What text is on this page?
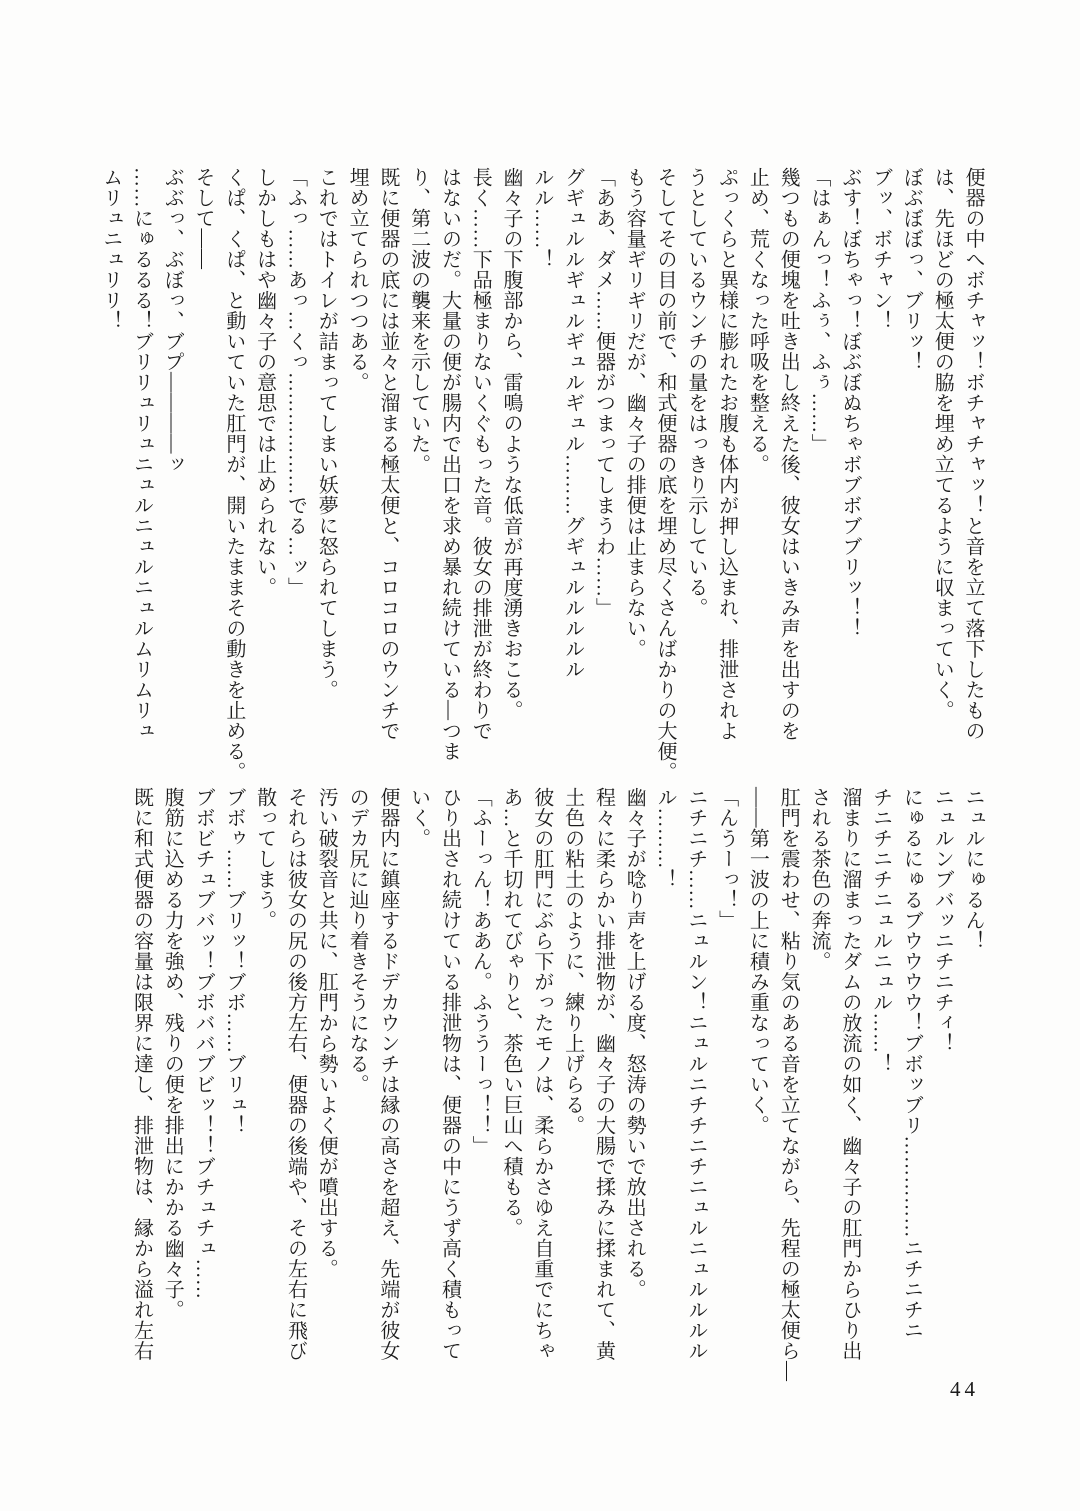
便器の中へボチャッ！ボチャチャッ！と音を立て落下したもの

は、先ほどの極太便の脇を埋め立てるように収まっていく。

ぼぶぼぼっ、ブリッ！

ブッ、ボチャン！

ぶす！ぼちゃっ！ぼぶぼぬちゃボブボブブリッ！！

「はぁんっ！ふぅ、ふぅ……」

幾つもの便塊を吐き出し終えた後、彼女はいきみ声を出すのを

止め、荒くなった呼吸を整える。

ぷっくらと異様に膨れたお腹も体内が押し込まれ、排泄されよ

うとしているウンチの量をはっきり示している。

そしてその目の前で、和式便器の底を埋め尽くさんばかりの大便。

もう容量ギリギリだが、幽々子の排便は止まらない。

「ああ、ダメ……便器がつまってしまうわ……」

グギュルルギュルギュルギュル………グギュルルルルル

ルル……！

幽々子の下腹部から、雷鳴のような低音が再度湧きおこる。

長く……下品極まりないくぐもった音。彼女の排泄が終わりで

はないのだ。大量の便が腸内で出口を求め暴れ続けている―つま

り、第二波の襲来を示していた。

既に便器の底には並々と溜まる極太便と、コロコロのウンチで

埋め立てられつつある。

これではトイレが詰まってしまい妖夢に怒られてしまう。

「ふっ……あっ…くっ………………でる…ッ」

しかしもはや幽々子の意思では止められない。

くぱ、くぱ、と動いていた肛門が、開いたままその動きを止める。

そして――

ぶぶっ、ぶぼっ、ブプ――――ッ

……にゅるるる！ブリリュリュニュルニュルニュルムリムリュ

ムリュニュリリ！

ニュルにゅるん！

ニュルンブバッニチニチィ！

にゅるにゅるブウウウウ！ブボッブリ……………ニチニチニ

チニチニチニュルニュル……！

溜まりに溜まったダムの放流の如く、幽々子の肛門からひり出

される茶色の奔流。

肛門を震わせ、粘り気のある音を立てながら、先程の極太便ら―

――第一波の上に積み重なっていく。

「んうーっ！」

ニチニチ……ニュルン！ニュルニチチニチニュルニュルルルル

ル………！

幽々子が唸り声を上げる度、怒涛の勢いで放出される。

程々に柔らかい排泄物が、幽々子の大腸で揉みに揉まれて、黄

土色の粘土のように、練り上げらる。

彼女の肛門にぶら下がったモノは、柔らかさゆえ自重でにちゃ

あ…と千切れてびゃりと、茶色い巨山へ積もる。

「ふーっん！ああん。ふううーっ！！」

ひり出され続けている排泄物は、便器の中にうず高く積もって

いく。

便器内に鎮座するドデカウンチは縁の高さを超え、先端が彼女

のデカ尻に辿り着きそうになる。

汚い破裂音と共に、肛門から勢いよく便が噴出する。

それらは彼女の尻の後方左右、便器の後端や、その左右に飛び

散ってしまう。

ブボゥ……ブリッ！ブボ……ブリュ！

ブボビチュブバッ！ブボババブビッ！！ブチュチュ……

腹筋に込める力を強め、残りの便を排出にかかる幽々子。

既に和式便器の容量は限界に達し、排泄物は、縁から溢れ左右

44
